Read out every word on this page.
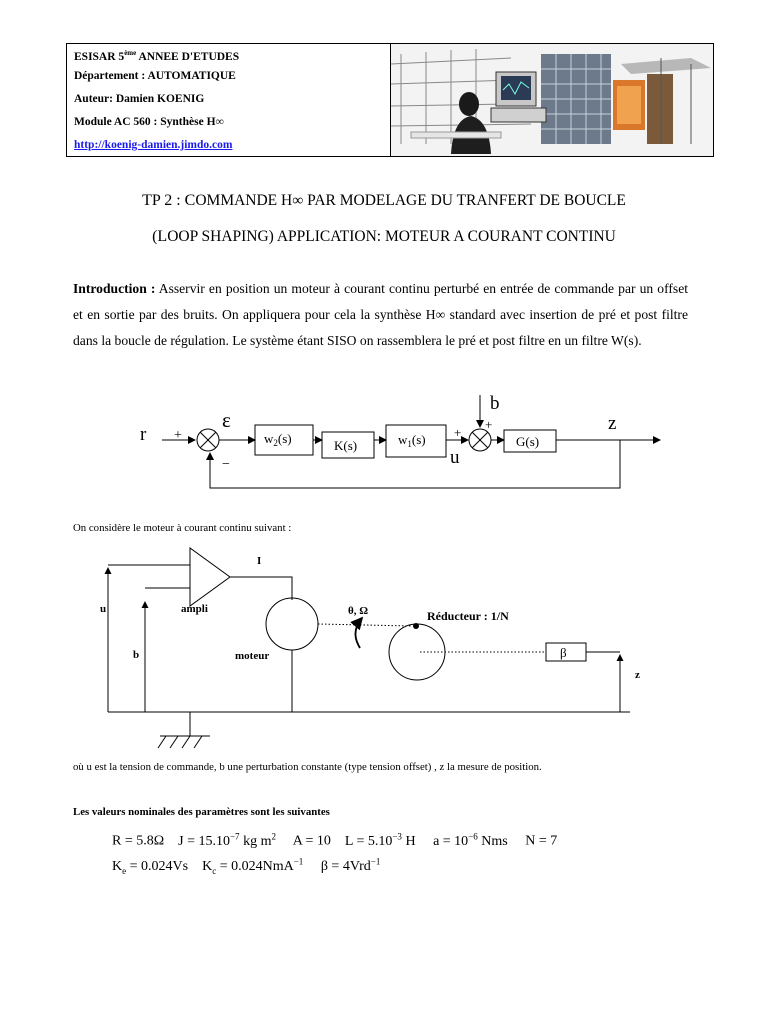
ESISAR 5ème ANNEE D'ETUDES
Département : AUTOMATIQUE
Auteur: Damien KOENIG
Module AC 560 : Synthèse H∞
http://koenig-damien.jimdo.com
TP 2 : COMMANDE H∞ PAR MODELAGE DU TRANFERT DE BOUCLE
(LOOP SHAPING) APPLICATION: MOTEUR A COURANT CONTINU
Introduction : Asservir en position un moteur à courant continu perturbé en entrée de commande par un offset et en sortie par des bruits. On appliquera pour cela la synthèse H∞ standard avec insertion de pré et post filtre dans la boucle de régulation. Le système étant SISO on rassemblera le pré et post filtre en un filtre W(s).
r +
−
ε
$w_2(s)$	K(s)	$w_1(s)$
b
+
+
u
G(s)
z
On considère le moteur à courant continu suivant :
I
u	ampli	θ, Ω	Réducteur : 1/N
b	moteur	β
z
où u est la tension de commande, b une perturbation constante (type tension offset) , z la mesure de position.
Les valeurs nominales des paramètres sont les suivantes
R = 5.8Ω $J = 15.10^{-7}$ kg $m^2$ A = 10 $L = 5.10^{-3}$ H $a = 10^{-6}$ Nms N = 7
$K_e = 0.024Vs$ $K_c = 0.024NmA^{-1}$ β = 4Vrd$^{-1}$
